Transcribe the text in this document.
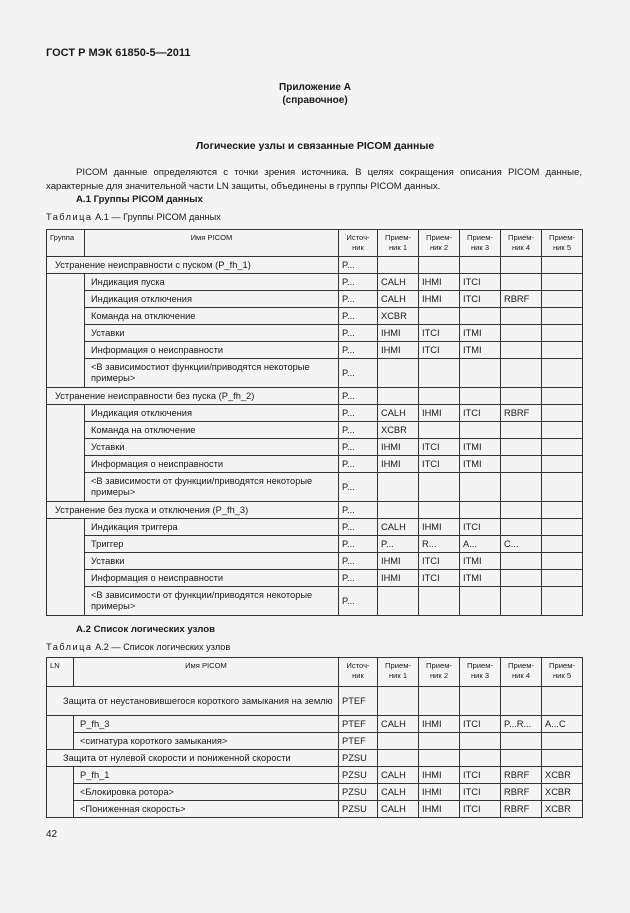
ГОСТ Р МЭК 61850-5—2011
Приложение А
(справочное)
Логические узлы и связанные PICOM данные
PICOM данные определяются с точки зрения источника. В целях сокращения описания PICOM данные, характерные для значительной части LN защиты, объединены в группы PICOM данных.
А.1 Группы PICOM данных
Таблица А.1 — Группы PICOM данных
Группа	Имя PICOM	Источ-ник	Прием-ник 1	Прием-ник 2	Прием-ник 3	Прием-ник 4	Прием-ник 5
Устранение неисправности с пуском (P_fh_1)		P...					
	Индикация пуска	P...	CALH	IHMI	ITCI		
	Индикация отключения	P...	CALH	IHMI	ITCI	RBRF	
	Команда на отключение	P...	XCBR				
	Уставки	P...	IHMI	ITCI	ITMI		
	Информация о неисправности	P...	IHMI	ITCI	ITMI		
	<В зависимостиот функции/приводятся некоторые примеры>	P...					
Устранение неисправности без пуска (P_fh_2)		P...					
	Индикация отключения	P...	CALH	IHMI	ITCI	RBRF	
	Команда на отключение	P...	XCBR				
	Уставки	P...	IHMI	ITCI	ITMI		
	Информация о неисправности	P...	IHMI	ITCI	ITMI		
	<В зависимости от функции/приводятся некоторые примеры>	P...					
Устранение без пуска и отключения (P_fh_3)		P...					
	Индикация триггера	P...	CALH	IHMI	ITCI		
	Триггер	P...	P...	R...	A...	C...	
	Уставки	P...	IHMI	ITCI	ITMI		
	Информация о неисправности	P...	IHMI	ITCI	ITMI		
	<В зависимости от функции/приводятся некоторые примеры>	P...					
А.2 Список логических узлов
Таблица А.2 — Список логических узлов
LN	Имя PICOM	Источ-ник	Прием-ник 1	Прием-ник 2	Прием-ник 3	Прием-ник 4	Прием-ник 5
Защита от неустановившегося короткого замыкания на землю		PTEF					
	P_fh_3	PTEF	CALH	IHMI	ITCI	P...R...	A...C
	<сигнатура короткого замыкания>	PTEF					
Защита от нулевой скорости и пониженной скорости		PZSU					
	P_fh_1	PZSU	CALH	IHMI	ITCI	RBRF	XCBR
	<Блокировка ротора>	PZSU	CALH	IHMI	ITCI	RBRF	XCBR
	<Пониженная скорость>	PZSU	CALH	IHMI	ITCI	RBRF	XCBR
42
